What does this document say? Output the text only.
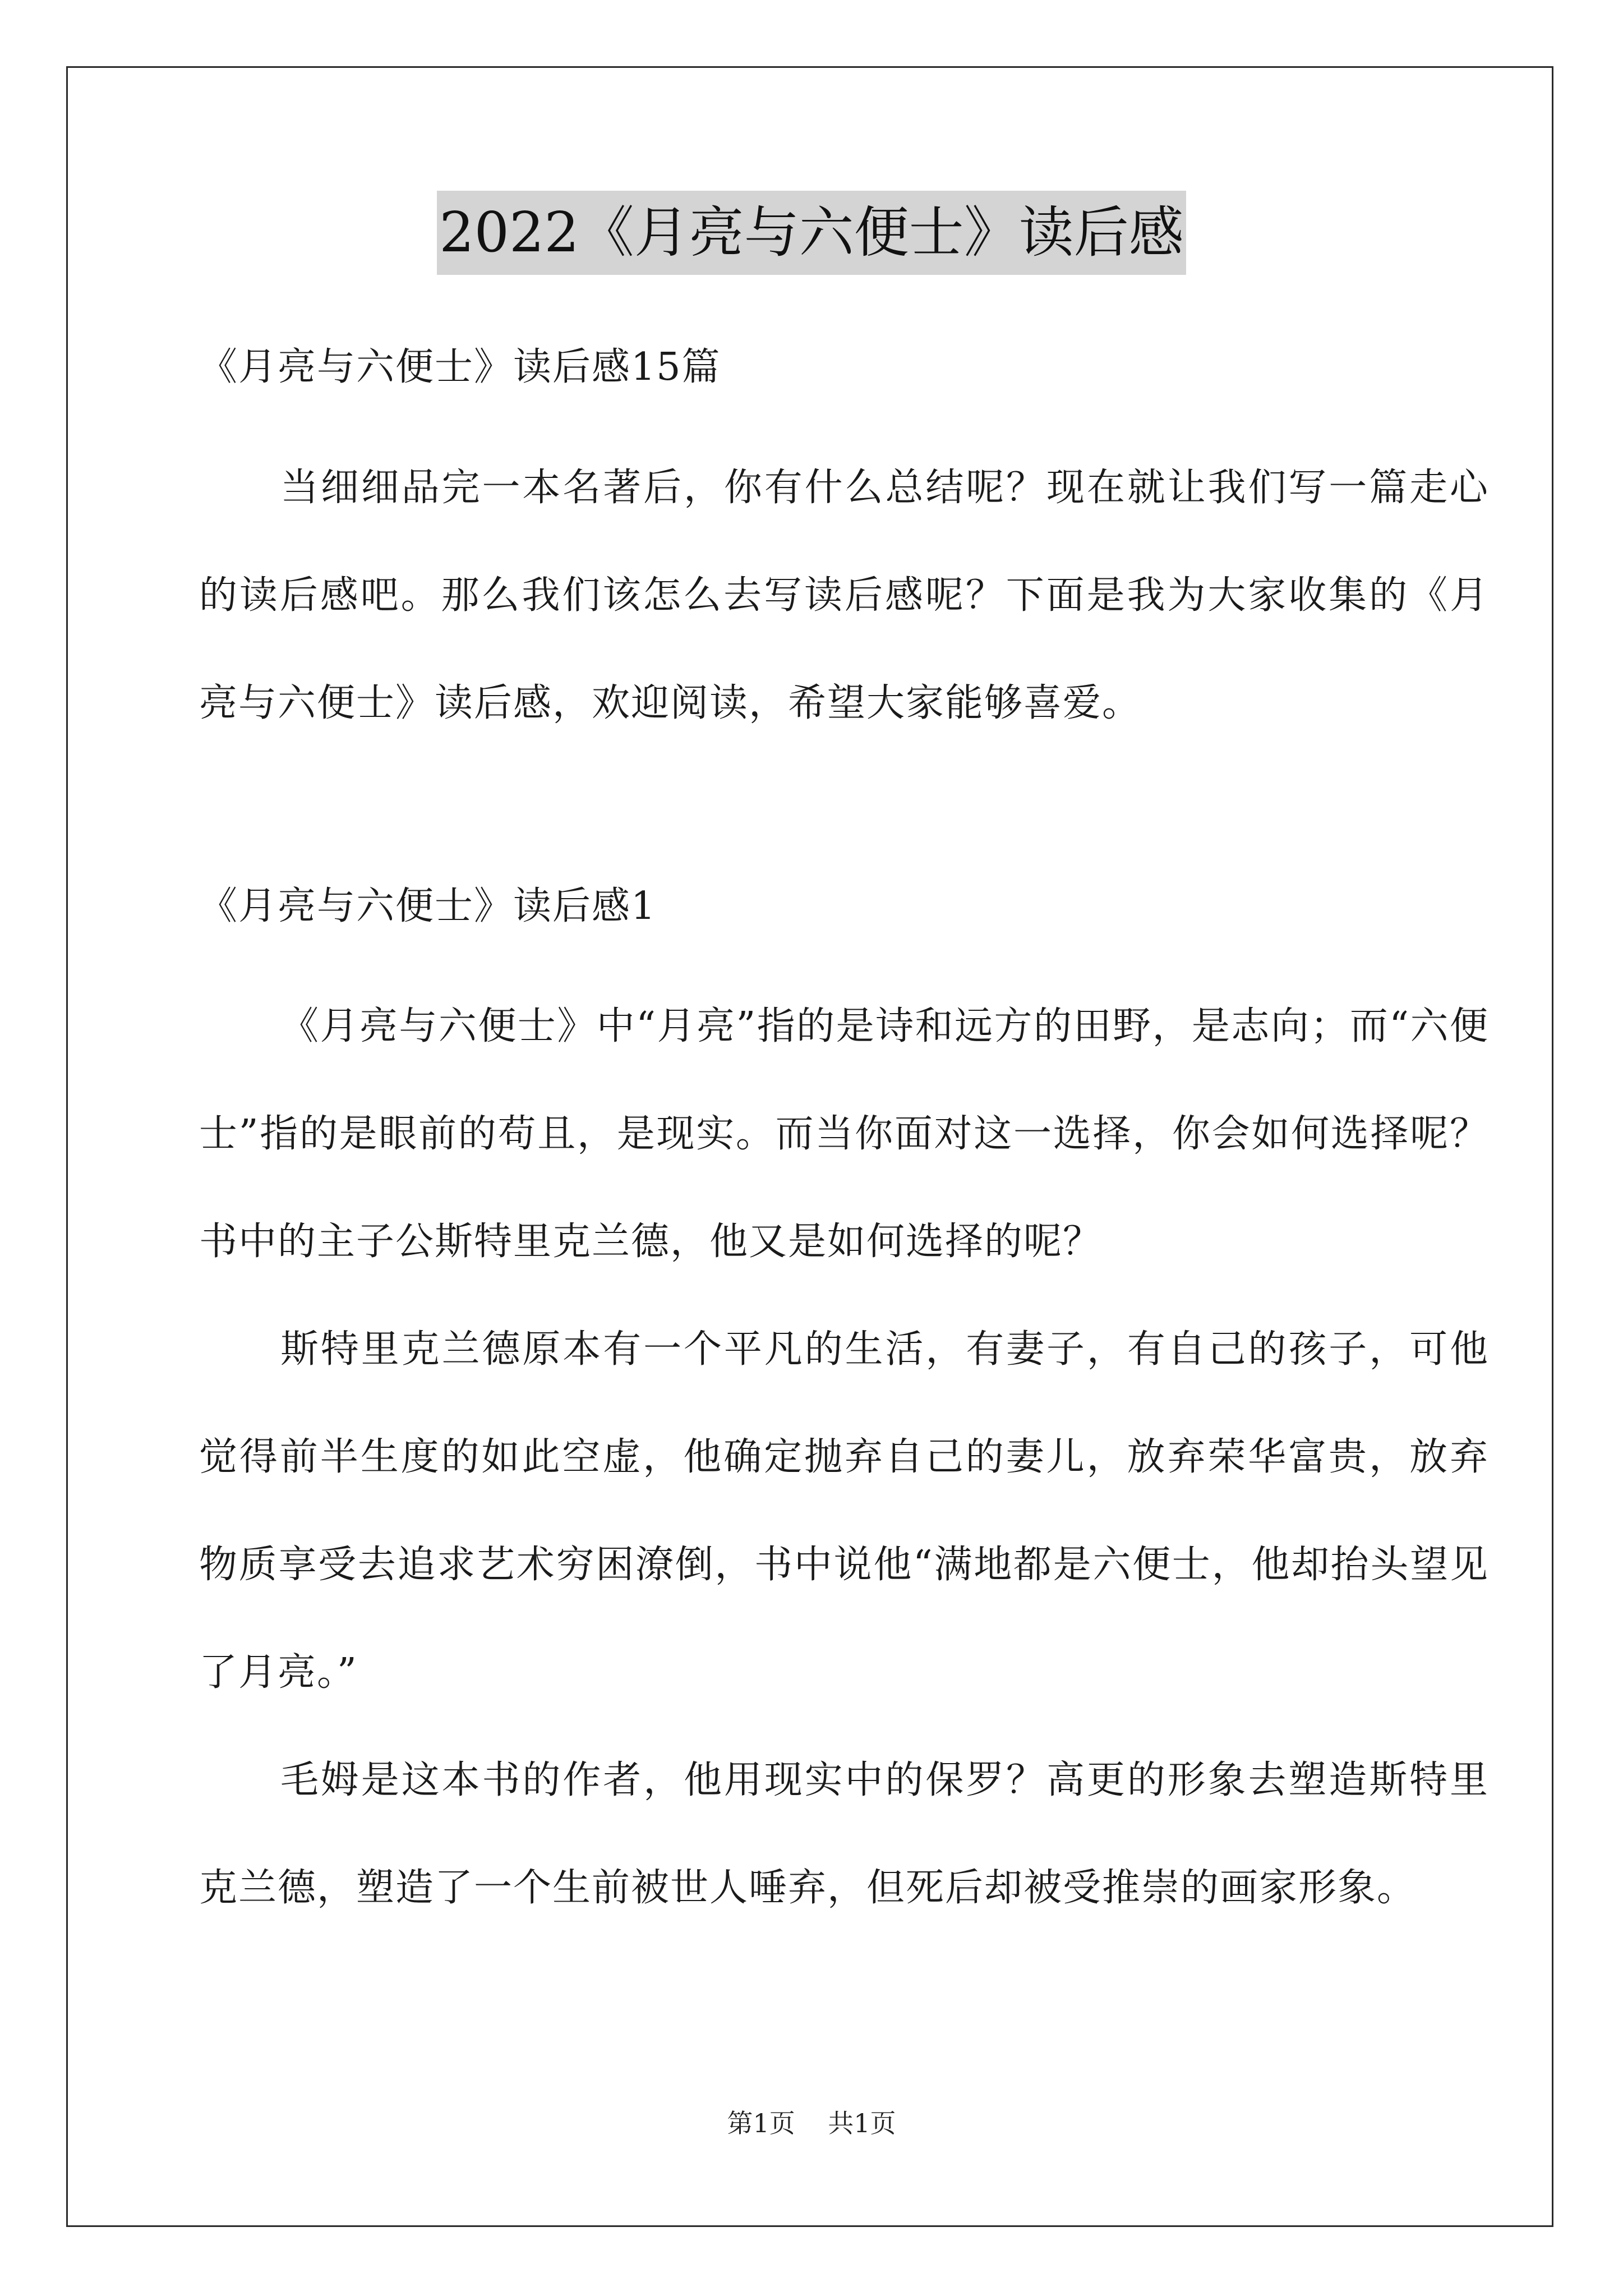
2022《月亮与六便士》读后感
《月亮与六便士》读后感15篇

当细细品完一本名著后，你有什么总结呢？现在就让我们写一篇走心的读后感吧。那么我们该怎么去写读后感呢？下面是我为大家收集的《月亮与六便士》读后感，欢迎阅读，希望大家能够喜爱。

《月亮与六便士》读后感1

《月亮与六便士》中“月亮”指的是诗和远方的田野，是志向；而“六便士”指的是眼前的苟且，是现实。而当你面对这一选择，你会如何选择呢？书中的主子公斯特里克兰德，他又是如何选择的呢？

斯特里克兰德原本有一个平凡的生活，有妻子，有自己的孩子，可他觉得前半生度的如此空虚，他确定抛弃自己的妻儿，放弃荣华富贵，放弃物质享受去追求艺术穷困潦倒，书中说他“满地都是六便士，他却抬头望见了月亮。”

毛姆是这本书的作者，他用现实中的保罗？高更的形象去塑造斯特里克兰德，塑造了一个生前被世人唾弃，但死后却被受推崇的画家形象。

第1页    共1页
